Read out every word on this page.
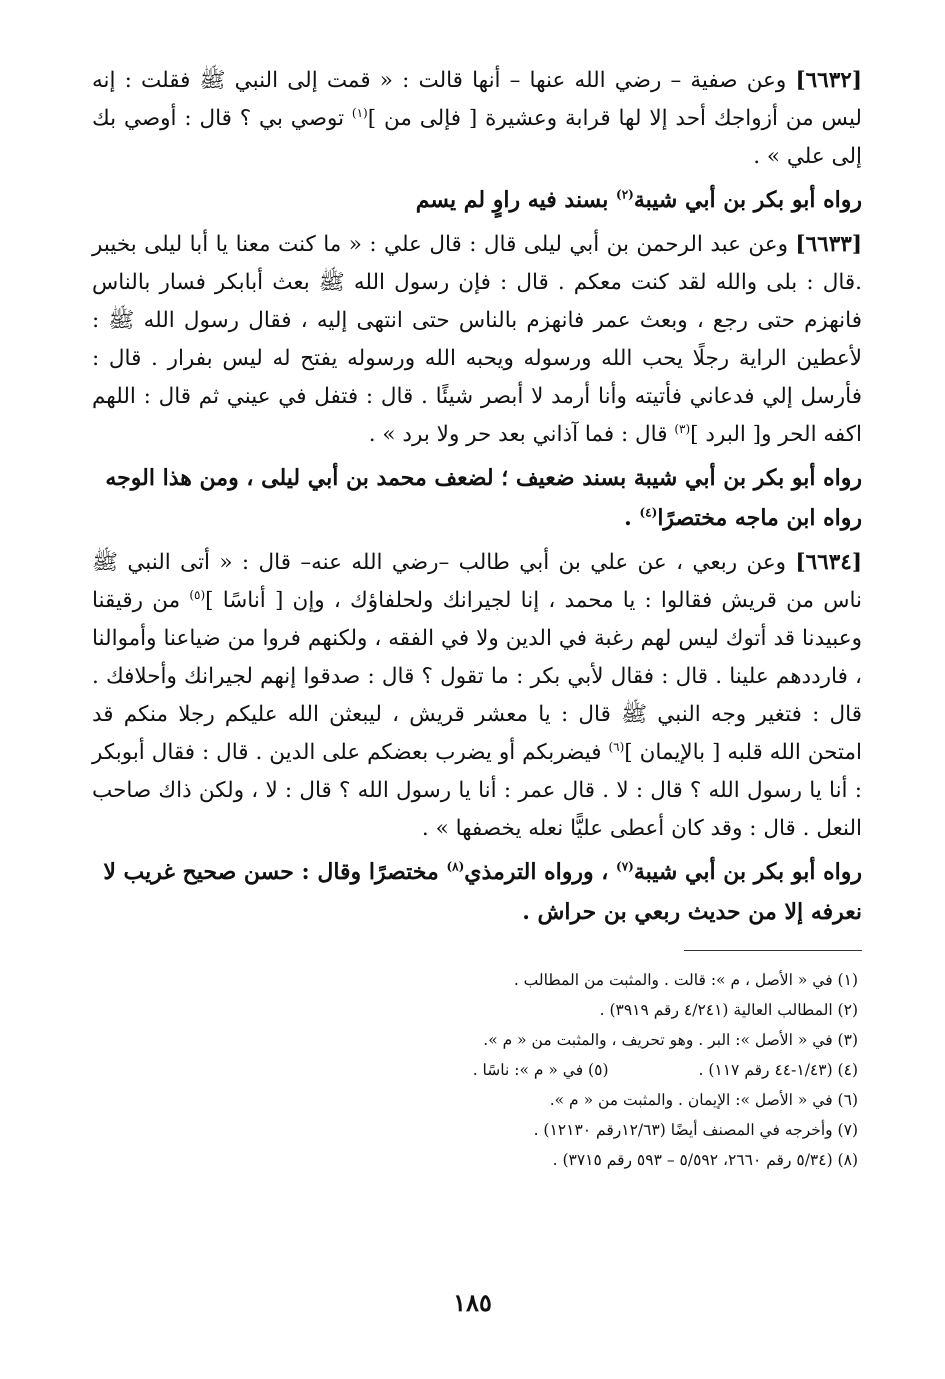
[٦٦٣٢] وعن صفية – رضي الله عنها – أنها قالت : « قمت إلى النبي ﷺ فقلت : إنه ليس من أزواجك أحد إلا لها قرابة وعشيرة [ فإلى من ]$^{(١)}$ توصي بي ؟ قال : أوصي بك إلى علي » .

رواه أبو بكر بن أبي شيبة$^{(٢)}$ بسند فيه راوٍ لم يسم

[٦٦٣٣] وعن عبد الرحمن بن أبي ليلى قال : قال علي : « ما كنت معنا يا أبا ليلى بخيبر .قال : بلى والله لقد كنت معكم . قال : فإن رسول الله ﷺ بعث أبابكر فسار بالناس فانهزم حتى رجع ، وبعث عمر فانهزم بالناس حتى انتهى إليه ، فقال رسول الله ﷺ : لأعطين الراية رجلًا يحب الله ورسوله ويحبه الله ورسوله يفتح له ليس بفرار . قال : فأرسل إلي فدعاني فأتيته وأنا أرمد لا أبصر شيئًا . قال : فتفل في عيني ثم قال : اللهم اكفه الحر و[ البرد ]$^{(٣)}$ قال : فما آذاني بعد حر ولا برد » .

رواه أبو بكر بن أبي شيبة بسند ضعيف ؛ لضعف محمد بن أبي ليلى ، ومن هذا الوجه رواه ابن ماجه مختصرًا$^{(٤)}$ .

[٦٦٣٤] وعن ربعي ، عن علي بن أبي طالب –رضي الله عنه– قال : « أتى النبي ﷺ ناس من قريش فقالوا : يا محمد ، إنا لجيرانك ولحلفاؤك ، وإن [ أناسًا ]$^{(٥)}$ من رقيقنا وعبيدنا قد أتوك ليس لهم رغبة في الدين ولا في الفقه ، ولكنهم فروا من ضياعنا وأموالنا ، فارددهم علينا . قال : فقال لأبي بكر : ما تقول ؟ قال : صدقوا إنهم لجيرانك وأحلافك . قال : فتغير وجه النبي ﷺ قال : يا معشر قريش ، ليبعثن الله عليكم رجلا منكم قد امتحن الله قلبه [ بالإيمان ]$^{(٦)}$ فيضربكم أو يضرب بعضكم على الدين . قال : فقال أبوبكر : أنا يا رسول الله ؟ قال : لا . قال عمر : أنا يا رسول الله ؟ قال : لا ، ولكن ذاك صاحب النعل . قال : وقد كان أعطى عليًّا نعله يخصفها » .

رواه أبو بكر بن أبي شيبة$^{(٧)}$ ، ورواه الترمذي$^{(٨)}$ مختصرًا وقال : حسن صحيح غريب لا نعرفه إلا من حديث ربعي بن حراش .

(١) في « الأصل ، م »: قالت . والمثبت من المطالب .
(٢) المطالب العالية (٤/٢٤١ رقم ٣٩١٩) .
(٣) في « الأصل »: البر . وهو تحريف ، والمثبت من « م ».
(٤) (١/٤٣-٤٤ رقم ١١٧) .
(٥) في « م »: ناسًا .
(٦) في « الأصل »: الإيمان . والمثبت من « م ».
(٧) وأخرجه في المصنف أيضًا (١٢/٦٣رقم ١٢١٣٠) .
(٨) (٥/٣٤ رقم ٢٦٦٠، ٥/٥٩٢ – ٥٩٣ رقم ٣٧١٥) .
١٨٥
